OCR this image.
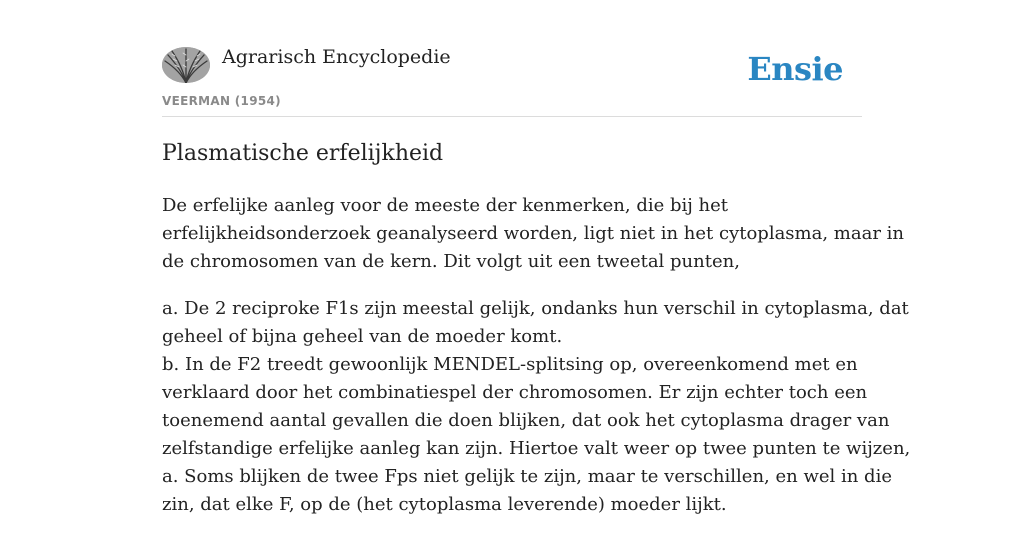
Agrarisch Encyclopedie
VEERMAN (1954)
Ensie
Plasmatische erfelijkheid

De erfelijke aanleg voor de meeste der kenmerken, die bij het
erfelijkheidsonderzoek geanalyseerd worden, ligt niet in het cytoplasma, maar in
de chromosomen van de kern. Dit volgt uit een tweetal punten,

a. De 2 reciproke F1s zijn meestal gelijk, ondanks hun verschil in cytoplasma, dat
geheel of bijna geheel van de moeder komt.
b. In de F2 treedt gewoonlijk MENDEL-splitsing op, overeenkomend met en
verklaard door het combinatiespel der chromosomen. Er zijn echter toch een
toenemend aantal gevallen die doen blijken, dat ook het cytoplasma drager van
zelfstandige erfelijke aanleg kan zijn. Hiertoe valt weer op twee punten te wijzen,
a. Soms blijken de twee Fps niet gelijk te zijn, maar te verschillen, en wel in die
zin, dat elke F, op de (het cytoplasma leverende) moeder lijkt.
